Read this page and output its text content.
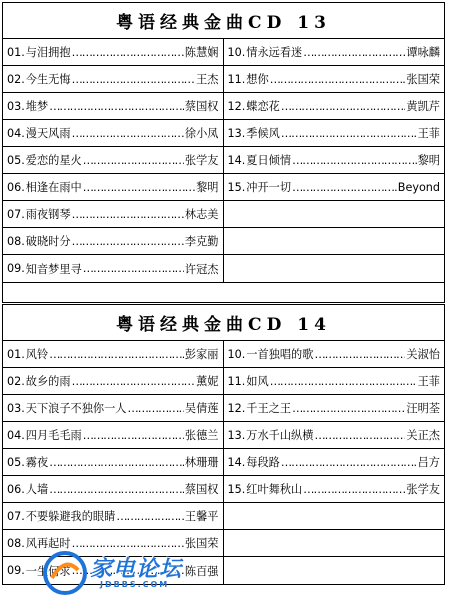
粤语经典金曲CD 13
01. 与泪拥抱 ……………………………………………………………………………………………	陈慧娴
02. 今生无悔 ……………………………………………………………………………………………	王杰
03. 堆梦 ……………………………………………………………………………………………	蔡国权
04. 漫天风雨 ……………………………………………………………………………………………	徐小凤
05. 爱恋的星火 ……………………………………………………………………………………………	张学友
06. 相逢在雨中 ……………………………………………………………………………………………	黎明
07. 雨夜钢琴 ……………………………………………………………………………………………	林志美
08. 破晓时分 ……………………………………………………………………………………………	李克勤
09. 知音梦里寻 ……………………………………………………………………………………………	许冠杰
10. 情永远看迷 ……………………………………………………………………………………………	谭咏麟
11. 想你 ……………………………………………………………………………………………	张国荣
12. 蝶恋花 ……………………………………………………………………………………………	黄凯芹
13. 季候风 ……………………………………………………………………………………………	王菲
14. 夏日倾情 ……………………………………………………………………………………………	黎明
15. 冲开一切 ……………………………………………………………………………………………	Beyond
粤语经典金曲CD 14
01. 风铃 ……………………………………………………………………………………………	彭家丽
02. 故乡的雨 ……………………………………………………………………………………………	薰妮
03. 天下浪子不独你一人 ……………………………………………………………………………………………	吴倩莲
04. 四月毛毛雨 ……………………………………………………………………………………………	张德兰
05. 霧夜 ……………………………………………………………………………………………	林珊珊
06. 人墙 ……………………………………………………………………………………………	蔡国权
07. 不要躲避我的眼睛 ……………………………………………………………………………………………	王馨平
08. 风再起时 ……………………………………………………………………………………………	张国荣
09. 一生何求 ……………………………………………………………………………………………	陈百强
10. 一首独唱的歌 ……………………………………………………………………………………………	关淑怡
11. 如风 ……………………………………………………………………………………………	王菲
12. 千王之王 ……………………………………………………………………………………………	汪明荃
13. 万水千山纵横 ……………………………………………………………………………………………	关正杰
14. 每段路 ……………………………………………………………………………………………	吕方
15. 红叶舞秋山 ……………………………………………………………………………………………	张学友
家电论坛
JDBBS.COM
